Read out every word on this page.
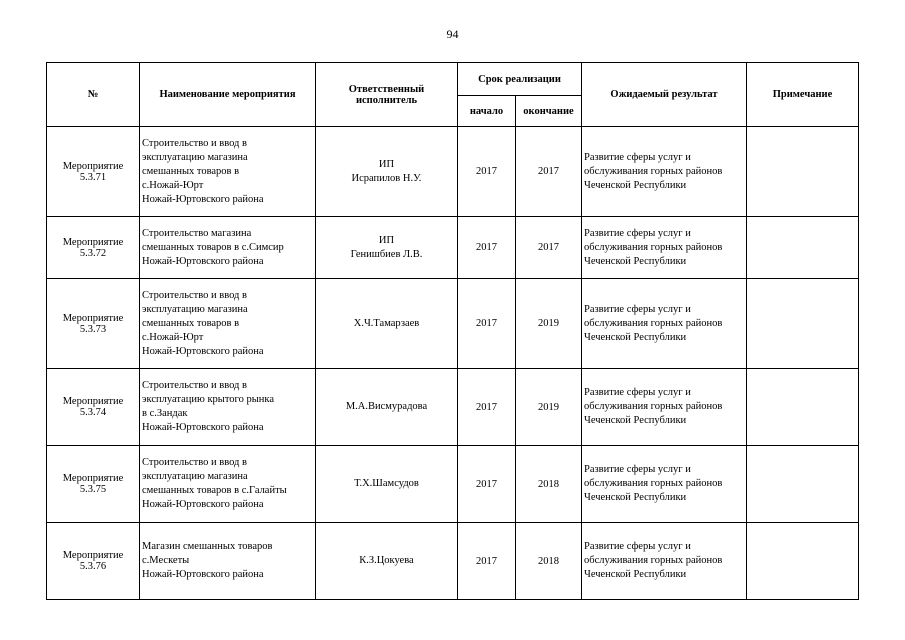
94
№	Наименование мероприятия	Ответственный исполнитель	Срок реализации		Ожидаемый результат	Примечание
			начало	окончание		

Мероприятие
5.3.71	Строительство и ввод в
эксплуатацию магазина
смешанных товаров в
с.Ножай-Юрт
Ножай-Юртовского района	ИП
Исрапилов Н.У.	2017	2017	Развитие сферы услуг и
обслуживания горных районов
Чеченской Республики	

Мероприятие
5.3.72	Строительство магазина
смешанных товаров в с.Симсир
Ножай-Юртовского района	ИП
Генишбиев Л.В.	2017	2017	Развитие сферы услуг и
обслуживания горных районов
Чеченской Республики	

Мероприятие
5.3.73	Строительство и ввод в
эксплуатацию магазина
смешанных товаров в
с.Ножай-Юрт
Ножай-Юртовского района	Х.Ч.Тамарзаев	2017	2019	Развитие сферы услуг и
обслуживания горных районов
Чеченской Республики	

Мероприятие
5.3.74	Строительство и ввод в
эксплуатацию крытого рынка
в с.Зандак
Ножай-Юртовского района	М.А.Висмурадова	2017	2019	Развитие сферы услуг и
обслуживания горных районов
Чеченской Республики	

Мероприятие
5.3.75	Строительство и ввод в
эксплуатацию магазина
смешанных товаров в с.Галайты
Ножай-Юртовского района	Т.Х.Шамсудов	2017	2018	Развитие сферы услуг и
обслуживания горных районов
Чеченской Республики	

Мероприятие
5.3.76	Магазин смешанных товаров
с.Мескеты
Ножай-Юртовского района	К.З.Цокуева	2017	2018	Развитие сферы услуг и
обслуживания горных районов
Чеченской Республики	
